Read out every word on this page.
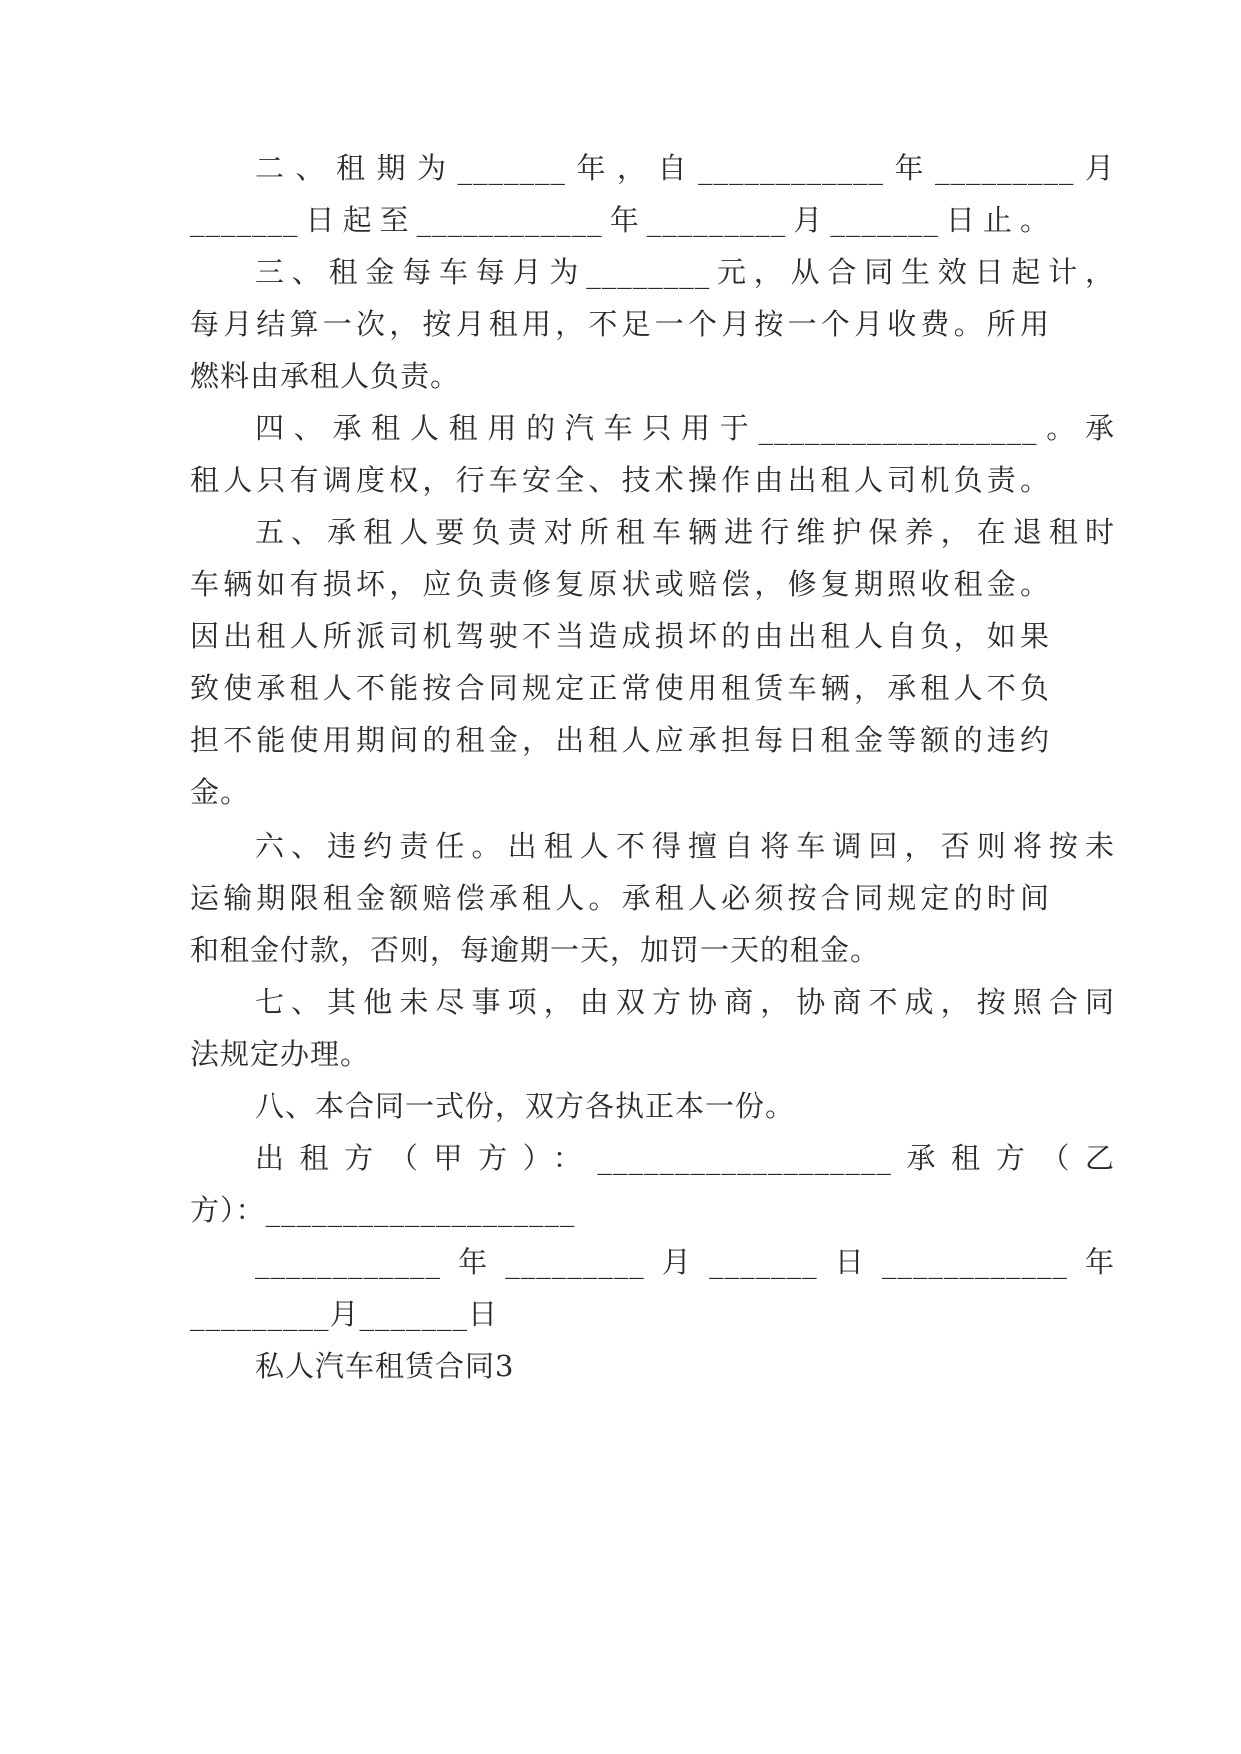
二、租期为_______年，自____________年_________月
_______日起至____________年_________月_______日止。
三、租金每车每月为________元，从合同生效日起计，
每月结算一次，按月租用，不足一个月按一个月收费。所用
燃料由承租人负责。
四、承租人租用的汽车只用于__________________。承
租人只有调度权，行车安全、技术操作由出租人司机负责。
五、承租人要负责对所租车辆进行维护保养，在退租时
车辆如有损坏，应负责修复原状或赔偿，修复期照收租金。
因出租人所派司机驾驶不当造成损坏的由出租人自负，如果
致使承租人不能按合同规定正常使用租赁车辆，承租人不负
担不能使用期间的租金，出租人应承担每日租金等额的违约
金。
六、违约责任。出租人不得擅自将车调回，否则将按未
运输期限租金额赔偿承租人。承租人必须按合同规定的时间
和租金付款，否则，每逾期一天，加罚一天的租金。
七、其他未尽事项，由双方协商，协商不成，按照合同
法规定办理。
八、本合同一式份，双方各执正本一份。
出租方（甲方）：___________________承租方（乙
方）：____________________
____________年_________月_______日____________年
_________月_______日
私人汽车租赁合同3
